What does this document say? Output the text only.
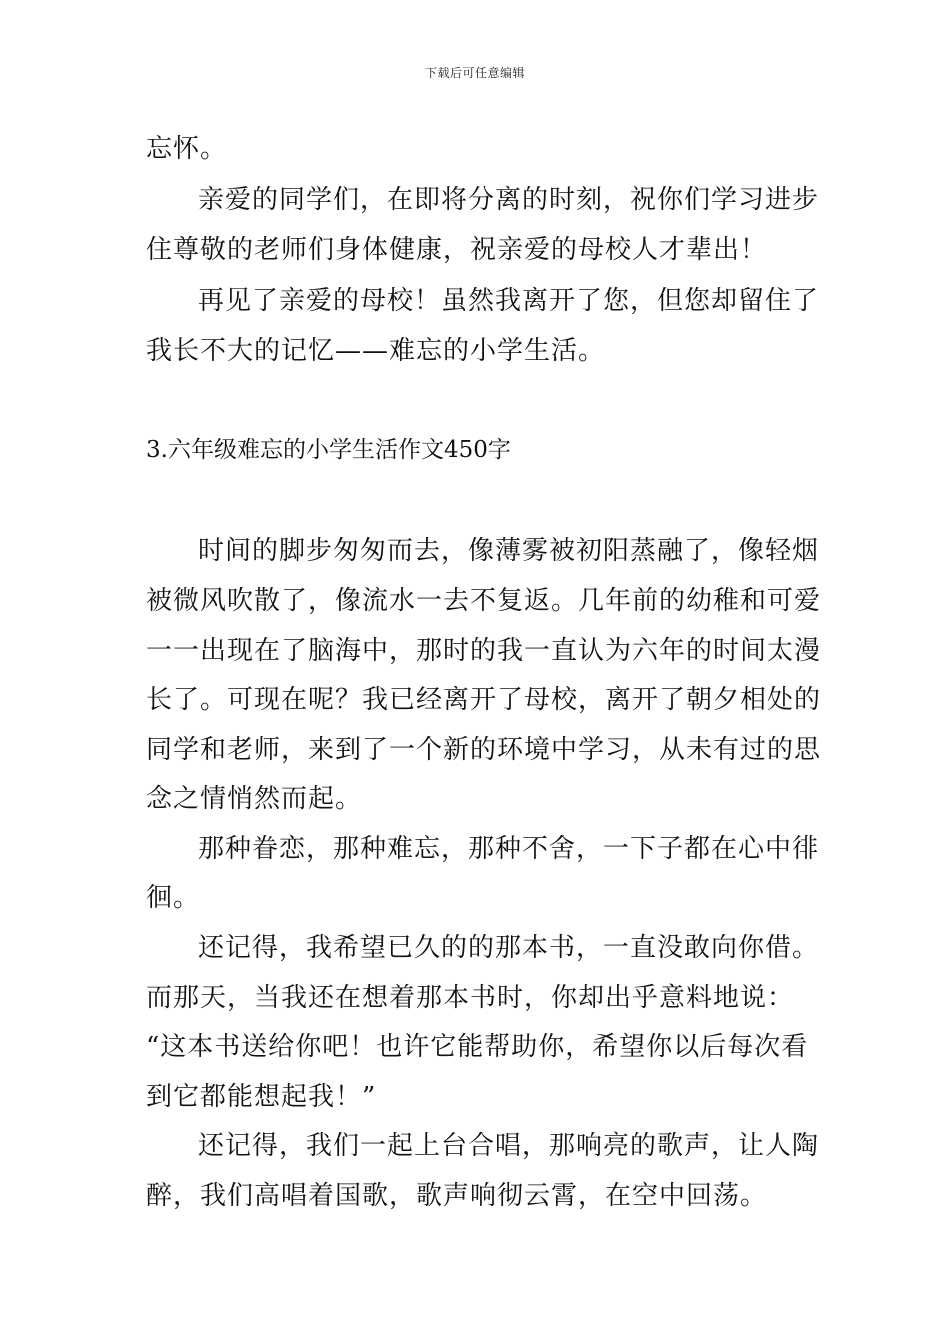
下载后可任意编辑
忘怀。
亲爱的同学们，在即将分离的时刻，祝你们学习进步
住尊敬的老师们身体健康，祝亲爱的母校人才辈出！
再见了亲爱的母校！虽然我离开了您，但您却留住了
我长不大的记忆——难忘的小学生活。
3.六年级难忘的小学生活作文450字
时间的脚步匆匆而去，像薄雾被初阳蒸融了，像轻烟
被微风吹散了，像流水一去不复返。几年前的幼稚和可爱
一一出现在了脑海中，那时的我一直认为六年的时间太漫
长了。可现在呢？我已经离开了母校，离开了朝夕相处的
同学和老师，来到了一个新的环境中学习，从未有过的思
念之情悄然而起。
那种眷恋，那种难忘，那种不舍，一下子都在心中徘
徊。
还记得，我希望已久的的那本书，一直没敢向你借。
而那天，当我还在想着那本书时，你却出乎意料地说：
“这本书送给你吧！也许它能帮助你，希望你以后每次看
到它都能想起我！”
还记得，我们一起上台合唱，那响亮的歌声，让人陶
醉，我们高唱着国歌，歌声响彻云霄，在空中回荡。
